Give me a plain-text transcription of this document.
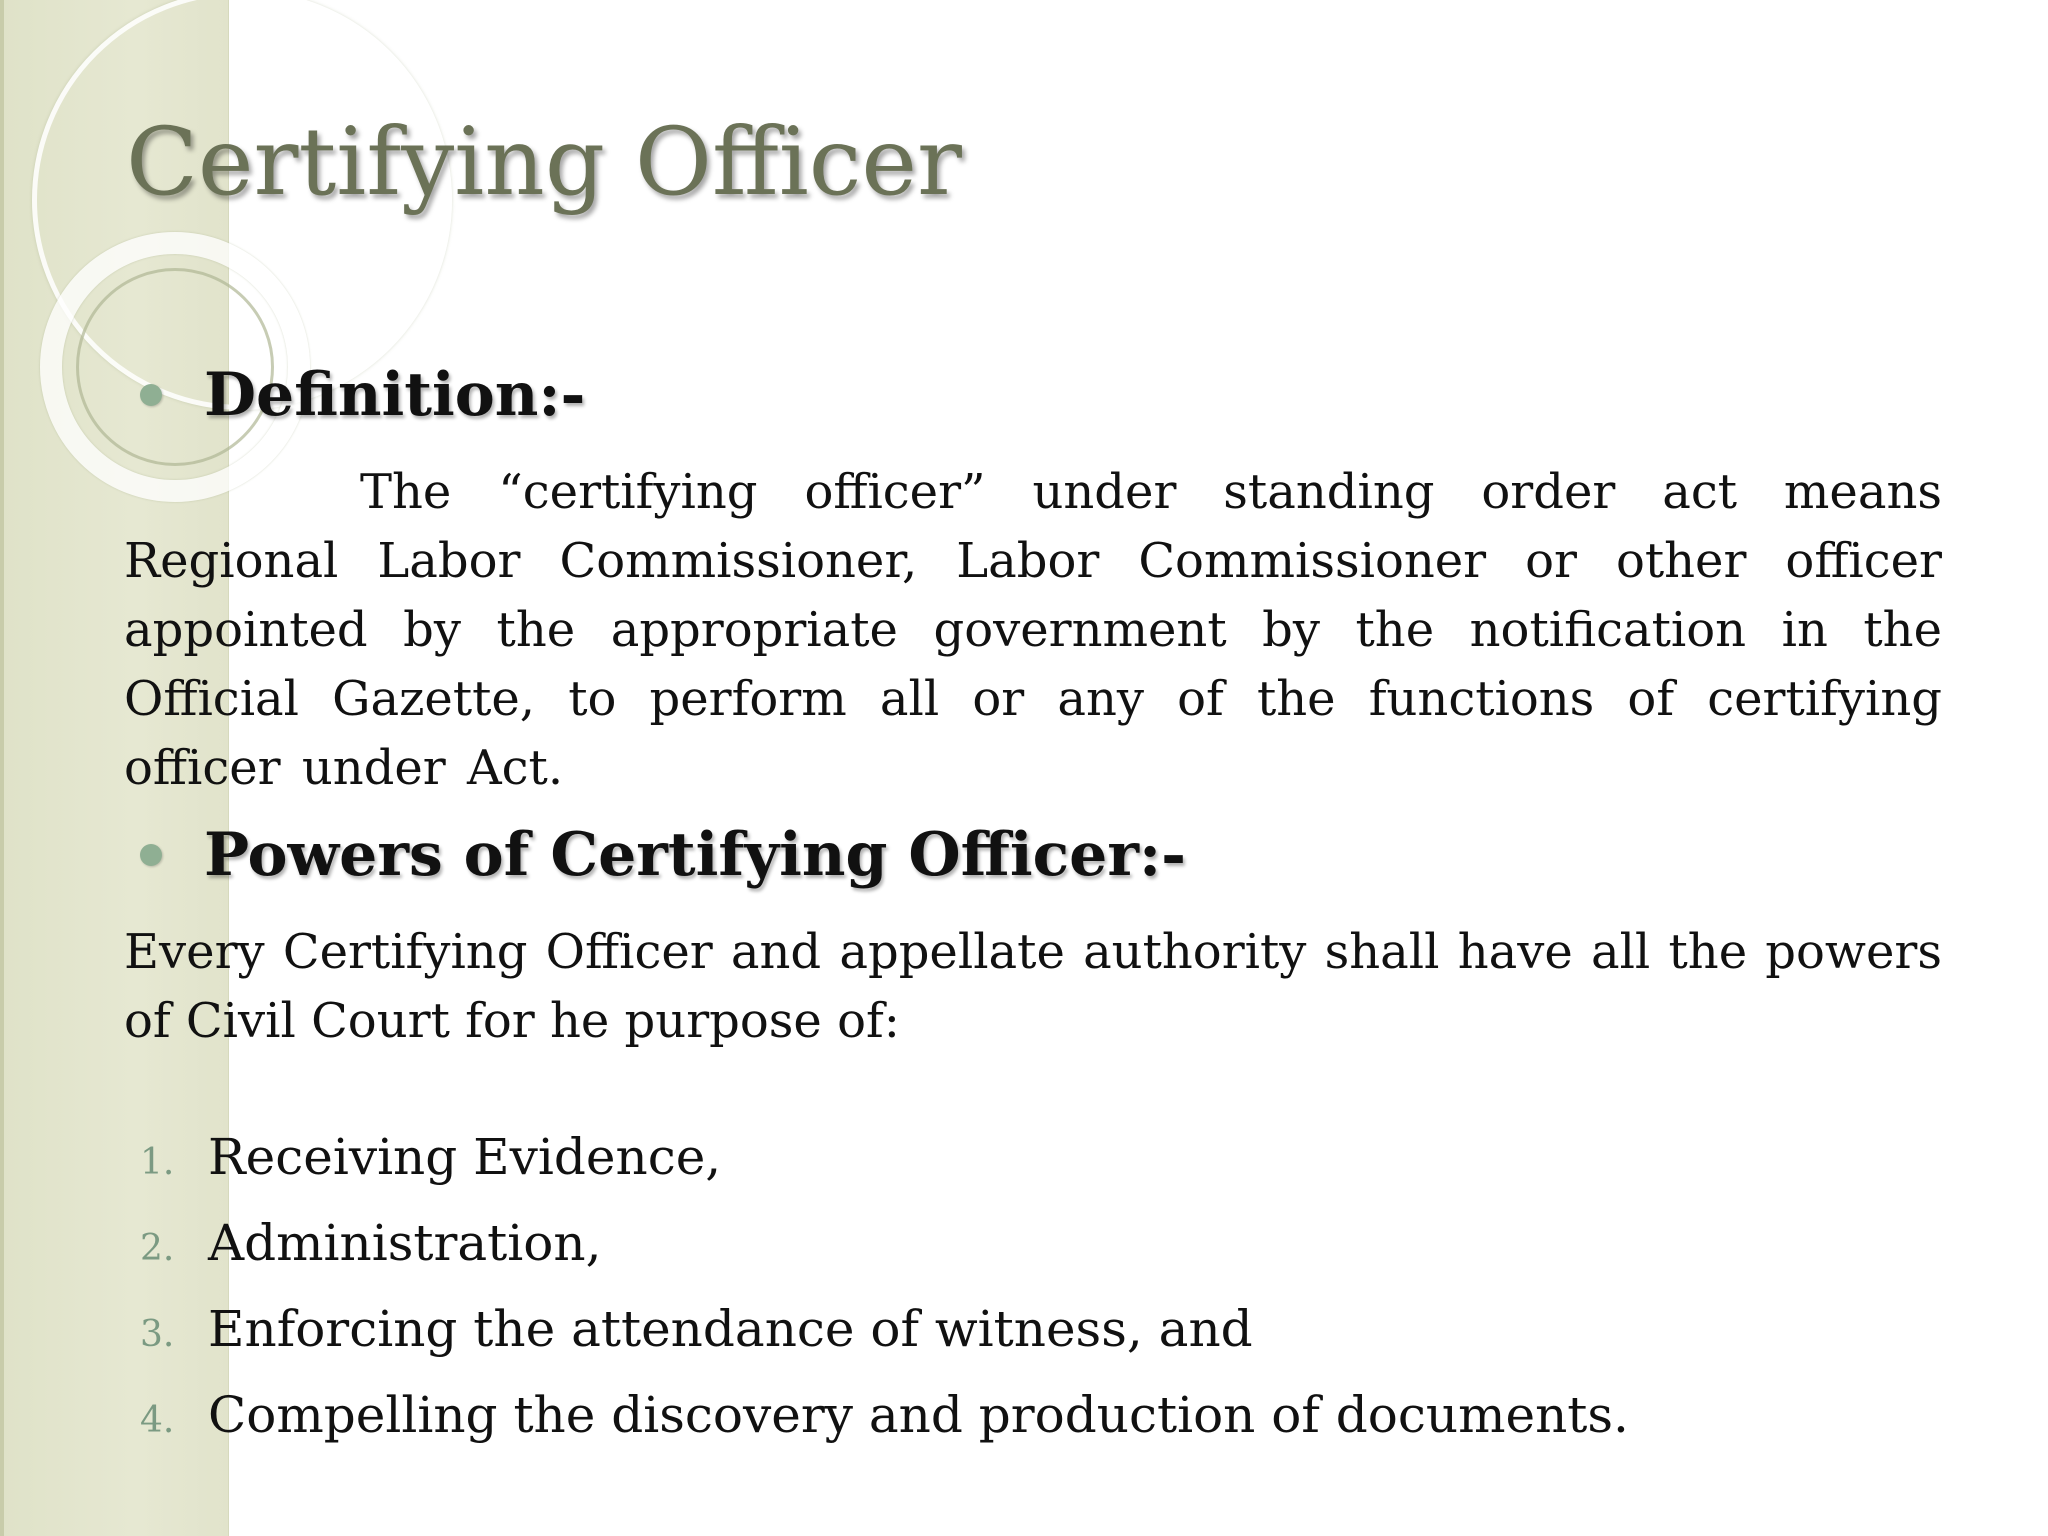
Certifying Officer
Definition:-

The “certifying officer” under standing order act means Regional Labor Commissioner, Labor Commissioner or other officer appointed by the appropriate government by the notification in the Official Gazette, to perform all or any of the functions of certifying officer under Act.

Powers of Certifying Officer:-

Every Certifying Officer and appellate authority shall have all the powers of Civil Court for he purpose of:

1. Receiving Evidence,
2. Administration,
3. Enforcing the attendance of witness, and
4. Compelling the discovery and production of documents.
